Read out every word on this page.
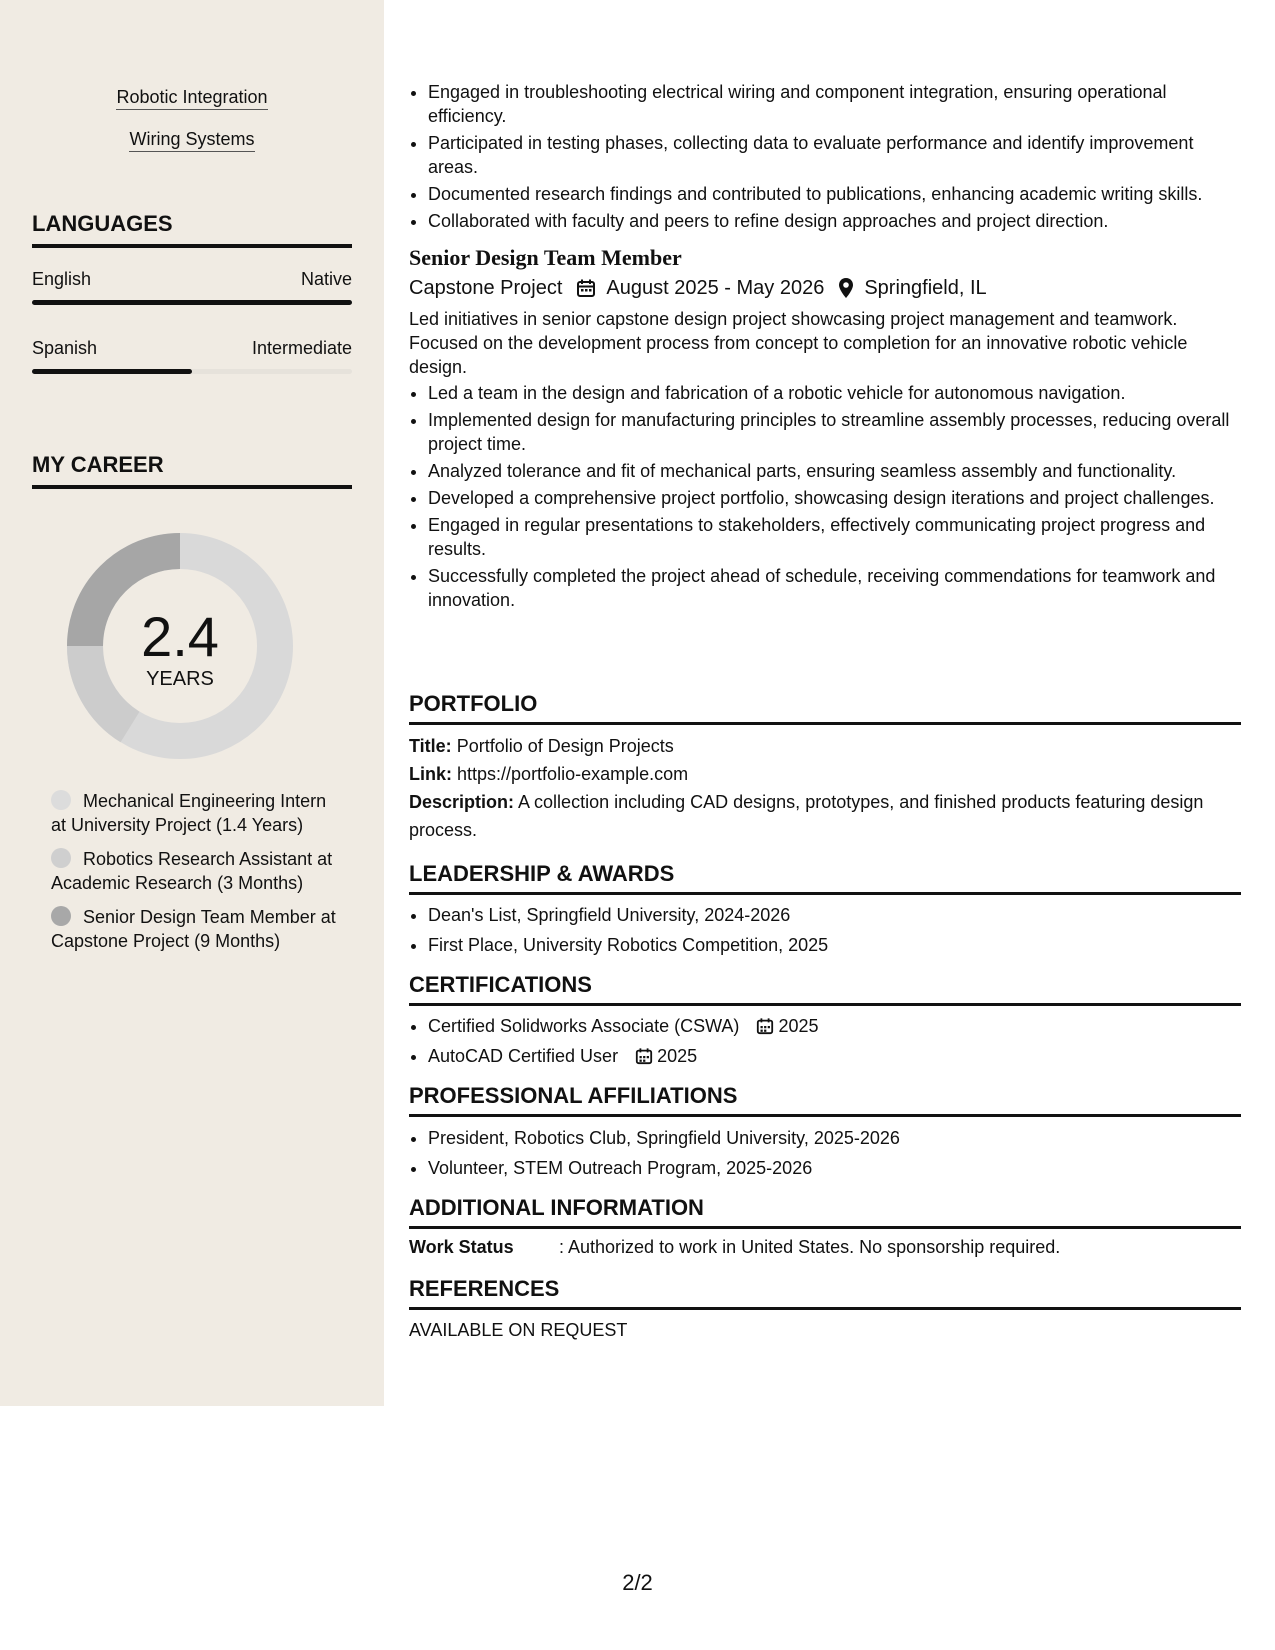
Robotic Integration
Wiring Systems
LANGUAGES
English	Native
Spanish	Intermediate
MY CAREER
2.4
YEARS
Mechanical Engineering Intern at University Project (1.4 Years)
Robotics Research Assistant at Academic Research (3 Months)
Senior Design Team Member at Capstone Project (9 Months)
• Engaged in troubleshooting electrical wiring and component integration, ensuring operational efficiency.
• Participated in testing phases, collecting data to evaluate performance and identify improvement areas.
• Documented research findings and contributed to publications, enhancing academic writing skills.
• Collaborated with faculty and peers to refine design approaches and project direction.
Senior Design Team Member
Capstone Project August 2025 - May 2026 Springfield, IL
Led initiatives in senior capstone design project showcasing project management and teamwork. Focused on the development process from concept to completion for an innovative robotic vehicle design.
• Led a team in the design and fabrication of a robotic vehicle for autonomous navigation.
• Implemented design for manufacturing principles to streamline assembly processes, reducing overall project time.
• Analyzed tolerance and fit of mechanical parts, ensuring seamless assembly and functionality.
• Developed a comprehensive project portfolio, showcasing design iterations and project challenges.
• Engaged in regular presentations to stakeholders, effectively communicating project progress and results.
• Successfully completed the project ahead of schedule, receiving commendations for teamwork and innovation.
PORTFOLIO
Title: Portfolio of Design Projects
Link: https://portfolio-example.com
Description: A collection including CAD designs, prototypes, and finished products featuring design process.
LEADERSHIP & AWARDS
• Dean's List, Springfield University, 2024-2026
• First Place, University Robotics Competition, 2025
CERTIFICATIONS
• Certified Solidworks Associate (CSWA) 2025
• AutoCAD Certified User 2025
PROFESSIONAL AFFILIATIONS
• President, Robotics Club, Springfield University, 2025-2026
• Volunteer, STEM Outreach Program, 2025-2026
ADDITIONAL INFORMATION
Work Status	: Authorized to work in United States. No sponsorship required.
REFERENCES
AVAILABLE ON REQUEST
2/2
